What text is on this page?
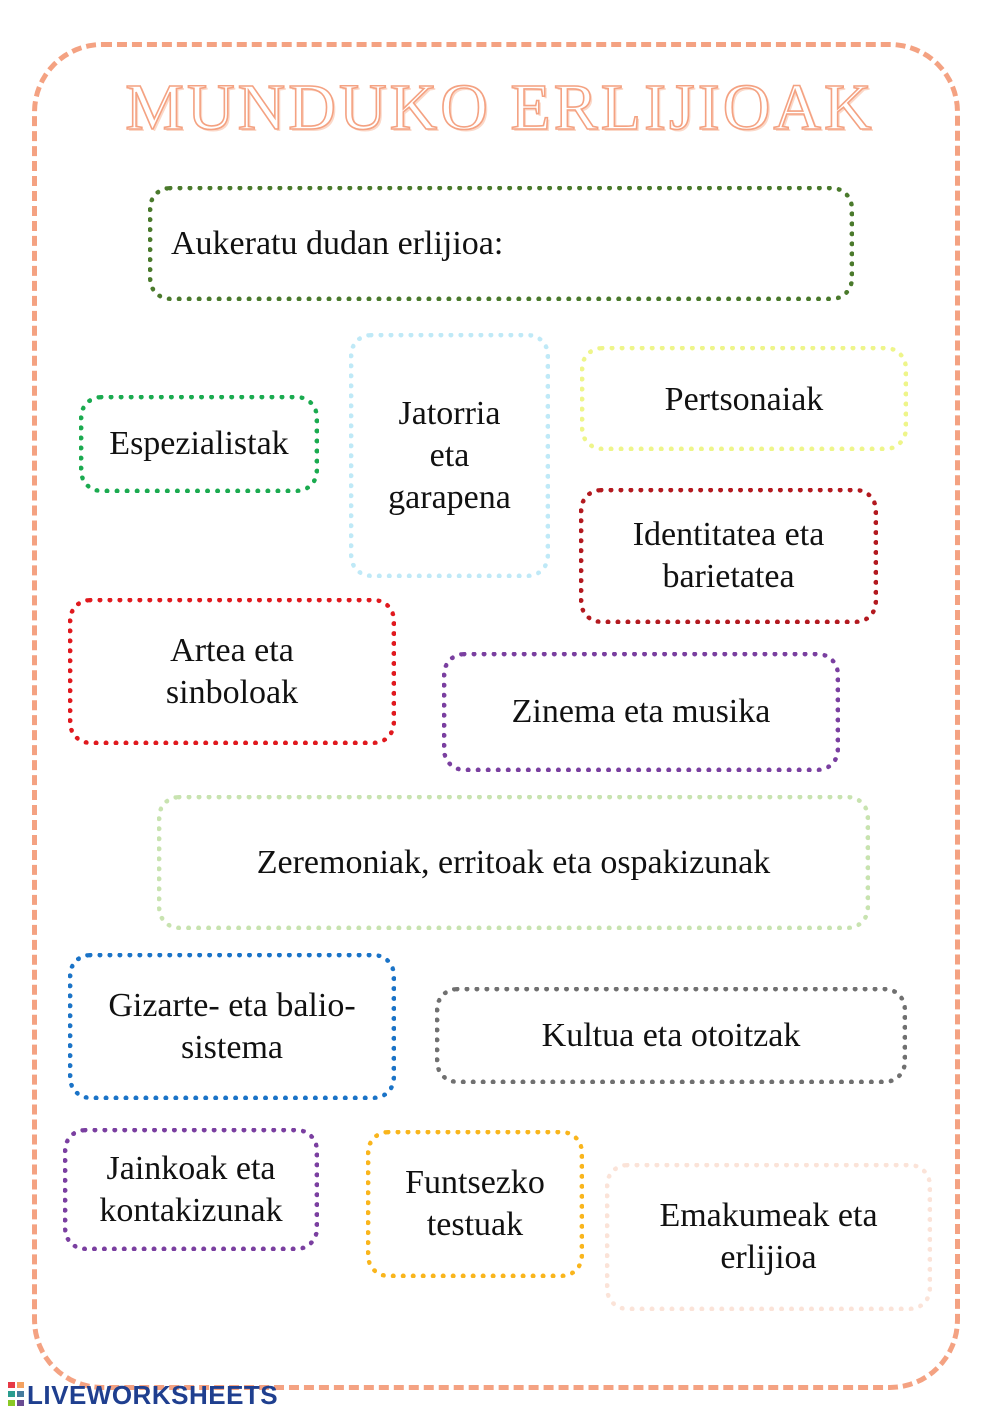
MUNDUKO ERLIJIOAK
Aukeratu dudan erlijioa:
Espezialistak
Jatorria eta garapena
Pertsonaiak
Identitatea eta barietatea
Artea eta sinboloak
Zinema eta musika
Zeremoniak, erritoak eta ospakizunak
Gizarte- eta balio-sistema	Kultua eta otoitzak
Jainkoak eta kontakizunak
Funtsezko testuak	Emakumeak eta erlijioa
LIVEWORKSHEETS
